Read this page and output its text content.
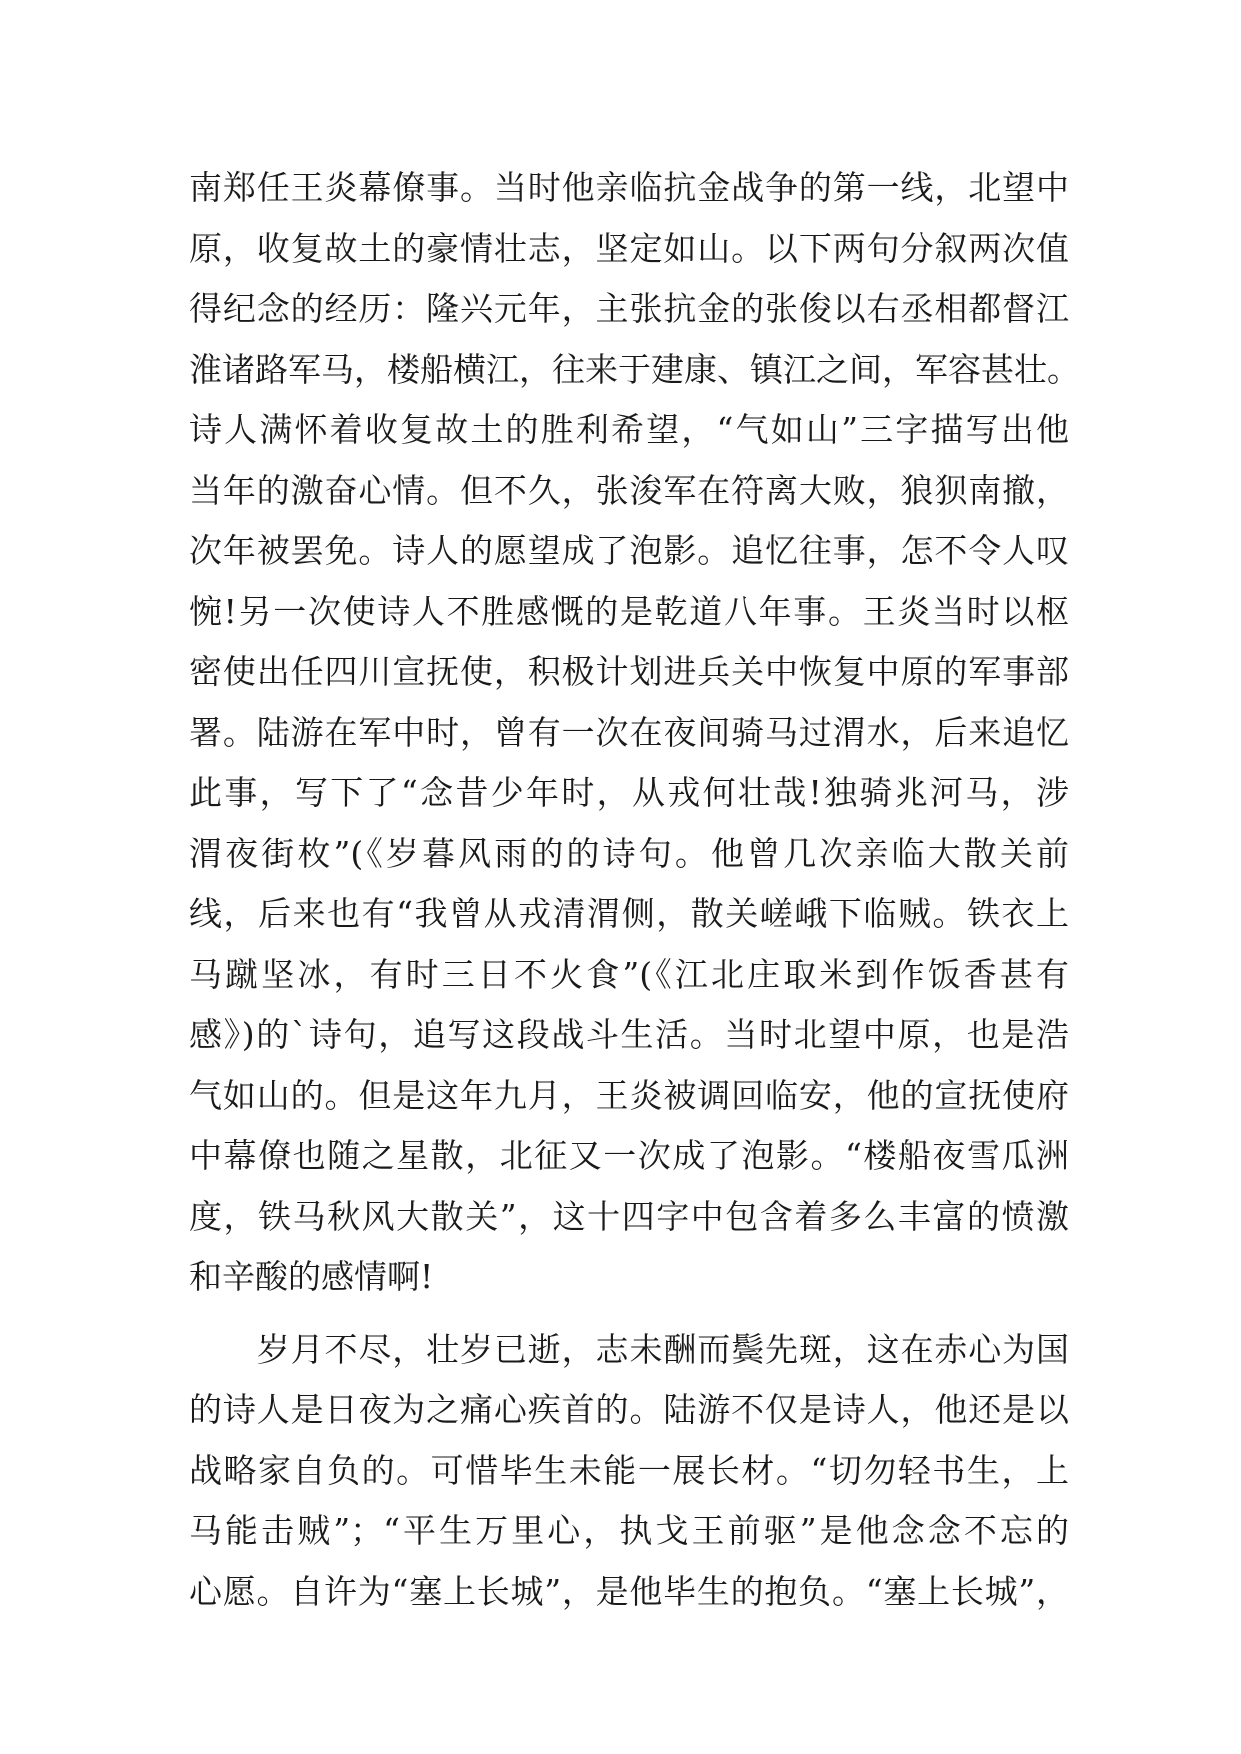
南郑任王炎幕僚事。当时他亲临抗金战争的第一线，北望中
原，收复故土的豪情壮志，坚定如山。以下两句分叙两次值
得纪念的经历：隆兴元年，主张抗金的张俊以右丞相都督江
淮诸路军马，楼船横江，往来于建康、镇江之间，军容甚壮。
诗人满怀着收复故土的胜利希望，“气如山”三字描写出他
当年的激奋心情。但不久，张浚军在符离大败，狼狈南撤，
次年被罢免。诗人的愿望成了泡影。追忆往事，怎不令人叹
惋!另一次使诗人不胜感慨的是乾道八年事。王炎当时以枢
密使出任四川宣抚使，积极计划进兵关中恢复中原的军事部
署。陆游在军中时，曾有一次在夜间骑马过渭水，后来追忆
此事，写下了“念昔少年时，从戎何壮哉!独骑兆河马，涉
渭夜街枚”(《岁暮风雨的的诗句。他曾几次亲临大散关前
线，后来也有“我曾从戎清渭侧，散关嵯峨下临贼。铁衣上
马蹴坚冰，有时三日不火食”(《江北庄取米到作饭香甚有
感》)的`诗句，追写这段战斗生活。当时北望中原，也是浩
气如山的。但是这年九月，王炎被调回临安，他的宣抚使府
中幕僚也随之星散，北征又一次成了泡影。“楼船夜雪瓜洲
度，铁马秋风大散关”，这十四字中包含着多么丰富的愤激
和辛酸的感情啊!
　　岁月不尽，壮岁已逝，志未酬而鬓先斑，这在赤心为国
的诗人是日夜为之痛心疾首的。陆游不仅是诗人，他还是以
战略家自负的。可惜毕生未能一展长材。“切勿轻书生，上
马能击贼”；“平生万里心，执戈王前驱”是他念念不忘的
心愿。自许为“塞上长城”，是他毕生的抱负。“塞上长城”，
